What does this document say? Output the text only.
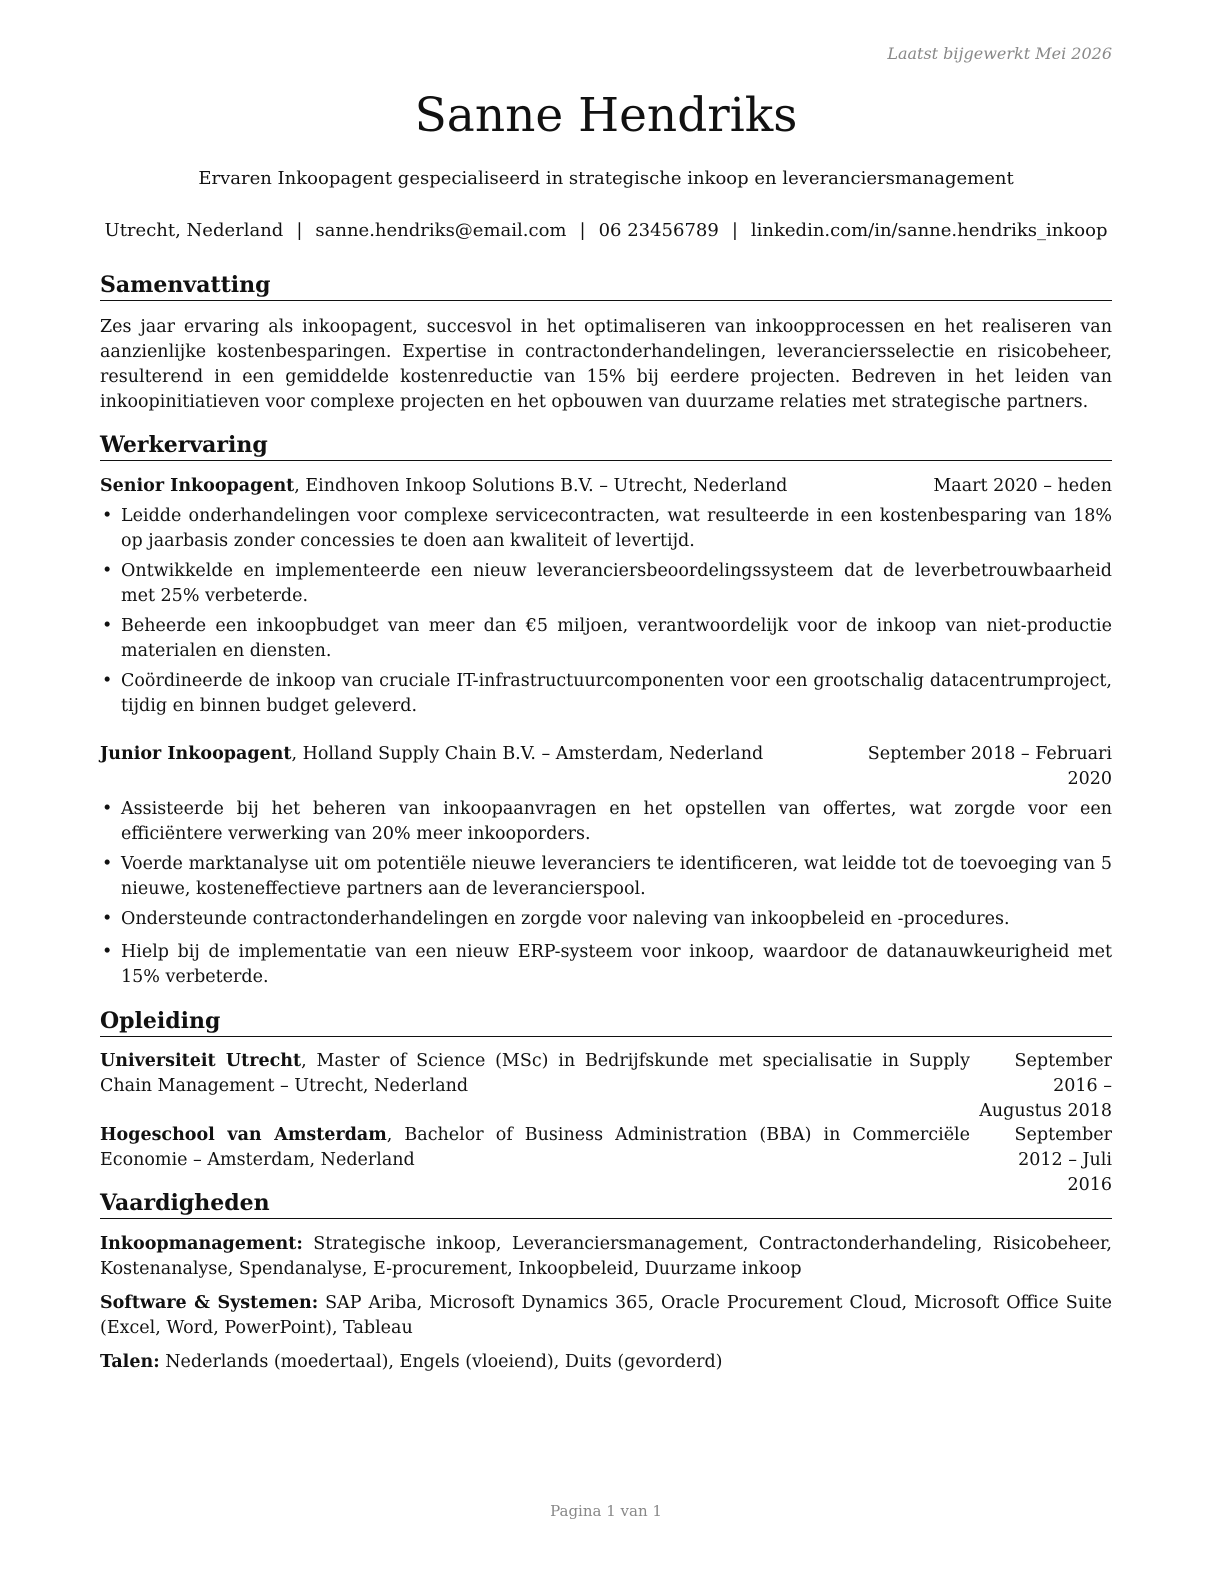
Laatst bijgewerkt Mei 2026
Sanne Hendriks
Ervaren Inkoopagent gespecialiseerd in strategische inkoop en leveranciersmanagement
Utrecht, Nederland | sanne.hendriks@email.com | 06 23456789 | linkedin.com/in/sanne.hendriks_inkoop
Samenvatting
Zes jaar ervaring als inkoopagent, succesvol in het optimaliseren van inkoopprocessen en het realiseren van aanzienlijke kostenbesparingen. Expertise in contractonderhandelingen, leveranciersselectie en risicobeheer, resulterend in een gemiddelde kostenreductie van 15% bij eerdere projecten. Bedreven in het leiden van inkoopinitiatieven voor complexe projecten en het opbouwen van duurzame relaties met strategische partners.
Werkervaring
Senior Inkoopagent, Eindhoven Inkoop Solutions B.V. – Utrecht, Nederland	Maart 2020 – heden
• Leidde onderhandelingen voor complexe servicecontracten, wat resulteerde in een kostenbesparing van 18% op jaarbasis zonder concessies te doen aan kwaliteit of levertijd.
• Ontwikkelde en implementeerde een nieuw leveranciersbeoordelingssysteem dat de leverbetrouwbaarheid met 25% verbeterde.
• Beheerde een inkoopbudget van meer dan €5 miljoen, verantwoordelijk voor de inkoop van niet-productie materialen en diensten.
• Coördineerde de inkoop van cruciale IT-infrastructuurcomponenten voor een grootschalig datacentrumproject, tijdig en binnen budget geleverd.
Junior Inkoopagent, Holland Supply Chain B.V. – Amsterdam, Nederland	September 2018 – Februari
2020
• Assisteerde bij het beheren van inkoopaanvragen en het opstellen van offertes, wat zorgde voor een efficiëntere verwerking van 20% meer inkooporders.
• Voerde marktanalyse uit om potentiële nieuwe leveranciers te identificeren, wat leidde tot de toevoeging van 5 nieuwe, kosteneffectieve partners aan de leverancierspool.
• Ondersteunde contractonderhandelingen en zorgde voor naleving van inkoopbeleid en -procedures.
• Hielp bij de implementatie van een nieuw ERP-systeem voor inkoop, waardoor de datanauwkeurigheid met 15% verbeterde.
Opleiding
Universiteit Utrecht, Master of Science (MSc) in Bedrijfskunde met specialisatie in Supply Chain Management – Utrecht, Nederland
September 2016 – Augustus 2018
Hogeschool van Amsterdam, Bachelor of Business Administration (BBA) in Commerciële Economie – Amsterdam, Nederland
September 2012 – Juli 2016
Vaardigheden
Inkoopmanagement: Strategische inkoop, Leveranciersmanagement, Contractonderhandeling, Risicobeheer, Kostenanalyse, Spendanalyse, E-procurement, Inkoopbeleid, Duurzame inkoop
Software & Systemen: SAP Ariba, Microsoft Dynamics 365, Oracle Procurement Cloud, Microsoft Office Suite (Excel, Word, PowerPoint), Tableau
Talen: Nederlands (moedertaal), Engels (vloeiend), Duits (gevorderd)
Pagina 1 van 1
